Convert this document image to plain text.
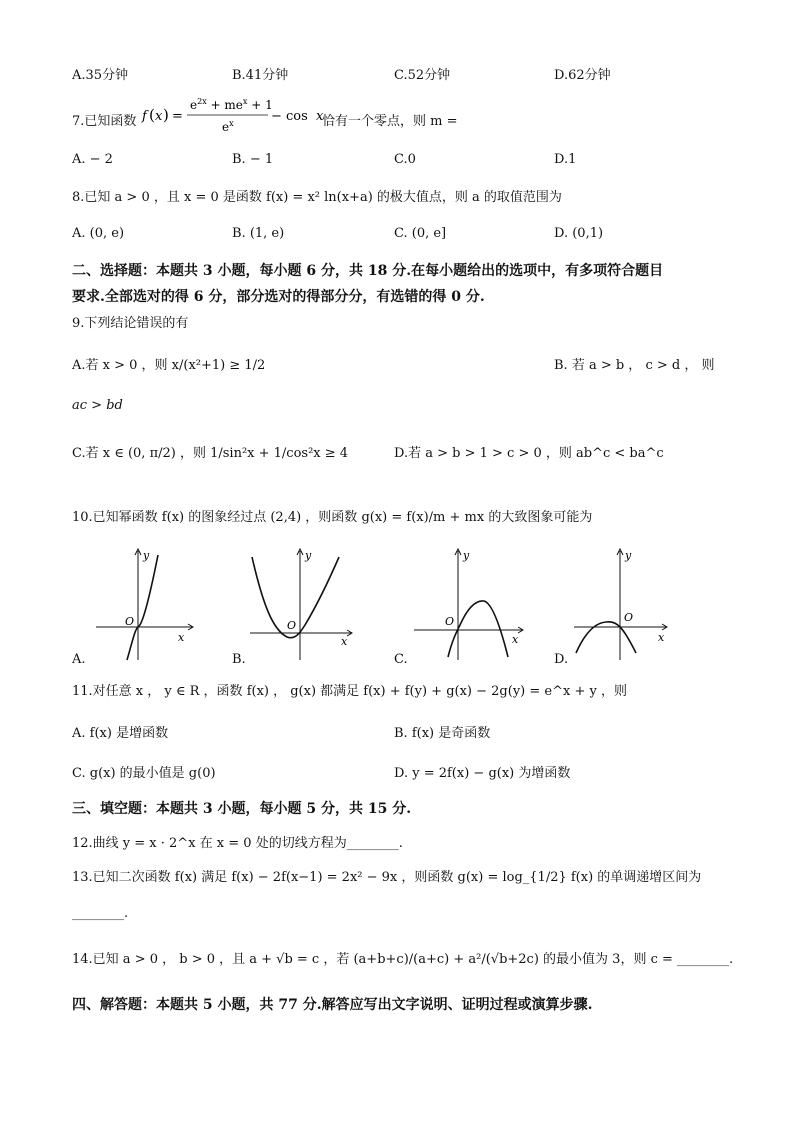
A.35分钟	B.41分钟	C.52分钟	D.62分钟
7.已知函数 f ( x ) =
$e^{2x} + me^x + 1$
$e^x$	− cos x
恰有一个零点，则 m =
A. − 2	B. − 1	C.0	D.1
8.已知 a > 0 ，且 x = 0 是函数 f(x) = x² ln(x+a) 的极大值点，则 a 的取值范围为
A. (0, e)	B. (1, e)	C. (0, e]	D. (0,1)
二、选择题：本题共 3 小题，每小题 6 分，共 18 分.在每小题给出的选项中，有多项符合题目
要求.全部选对的得 6 分，部分选对的得部分分，有选错的得 0 分.
9.下列结论错误的有
A.若 x > 0 ，则 x/(x²+1) ≥ 1/2	B. 若 a > b ， c > d ， 则
ac > bd
C.若 x ∈ (0, π/2) ，则 1/sin²x + 1/cos²x ≥ 4	D.若 a > b > 1 > c > 0 ，则 ab^c < ba^c
10.已知幂函数 f(x) 的图象经过点 (2,4) ，则函数 g(x) = f(x)/m + mx 的大致图象可能为
y
x
O
A.
y
x
O
B.
y
x
O
C.
y
x
O
D.
11.对任意 x ， y ∈ R ，函数 f(x) ， g(x) 都满足 f(x) + f(y) + g(x) − 2g(y) = e^x + y ，则
A. f(x) 是增函数	B. f(x) 是奇函数
C. g(x) 的最小值是 g(0)	D. y = 2f(x) − g(x) 为增函数
三、填空题：本题共 3 小题，每小题 5 分，共 15 分.
12.曲线 y = x · 2^x 在 x = 0 处的切线方程为________.
13.已知二次函数 f(x) 满足 f(x) − 2f(x−1) = 2x² − 9x ，则函数 g(x) = log_{1/2} f(x) 的单调递增区间为
________.
14.已知 a > 0 ， b > 0 ，且 a + √b = c ，若 (a+b+c)/(a+c) + a²/(√b+2c) 的最小值为 3，则 c = ________.
四、解答题：本题共 5 小题，共 77 分.解答应写出文字说明、证明过程或演算步骤.
